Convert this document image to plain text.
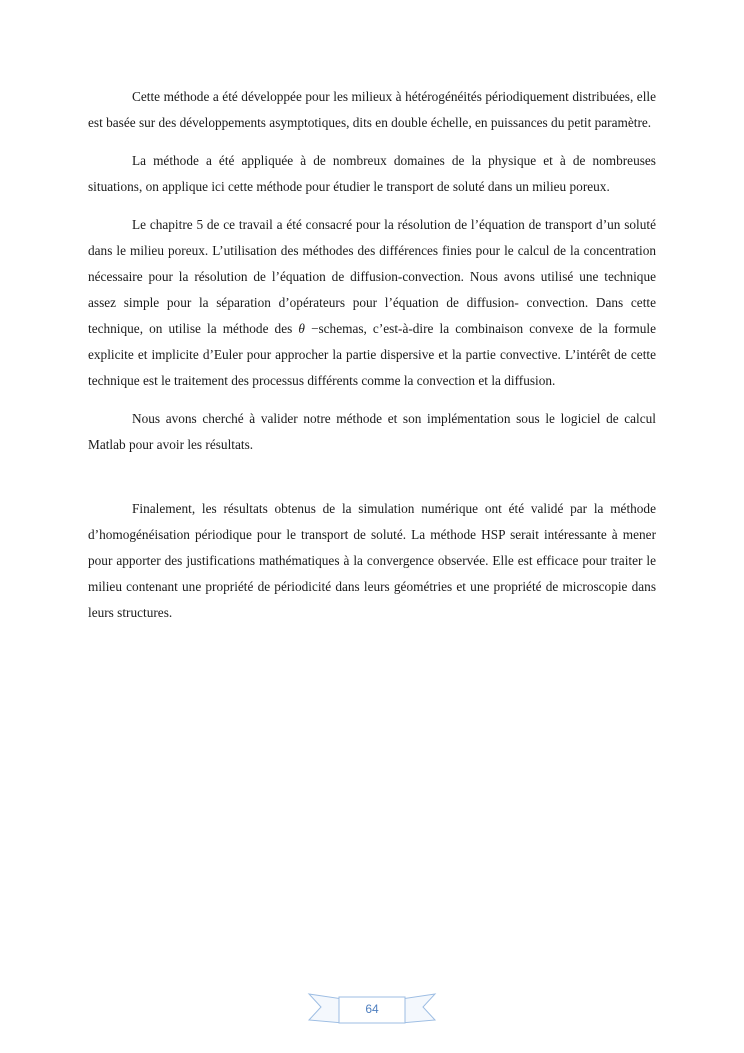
Cette méthode a été développée pour les milieux à hétérogénéités périodiquement distribuées, elle est basée sur des développements asymptotiques, dits en double échelle, en puissances du petit paramètre.

La méthode a été appliquée à de nombreux domaines de la physique et à de nombreuses situations, on applique ici cette méthode pour étudier le transport de soluté dans un milieu poreux.

Le chapitre 5 de ce travail a été consacré pour la résolution de l’équation de transport d’un soluté dans le milieu poreux. L’utilisation des méthodes des différences finies pour le calcul de la concentration nécessaire pour la résolution de l’équation de diffusion-convection. Nous avons utilisé une technique assez simple pour la séparation d’opérateurs pour l’équation de diffusion- convection. Dans cette technique, on utilise la méthode des θ −schemas, c’est-à-dire la combinaison convexe de la formule explicite et implicite d’Euler pour approcher la partie dispersive et la partie convective. L’intérêt de cette technique est le traitement des processus différents comme la convection et la diffusion.

Nous avons cherché à valider notre méthode et son implémentation sous le logiciel de calcul Matlab pour avoir les résultats.

Finalement, les résultats obtenus de la simulation numérique ont été validé par la méthode d’homogénéisation périodique pour le transport de soluté. La méthode HSP serait intéressante à mener pour apporter des justifications mathématiques à la convergence observée. Elle est efficace pour traiter le milieu contenant une propriété de périodicité dans leurs géométries et une propriété de microscopie dans leurs structures.

64
